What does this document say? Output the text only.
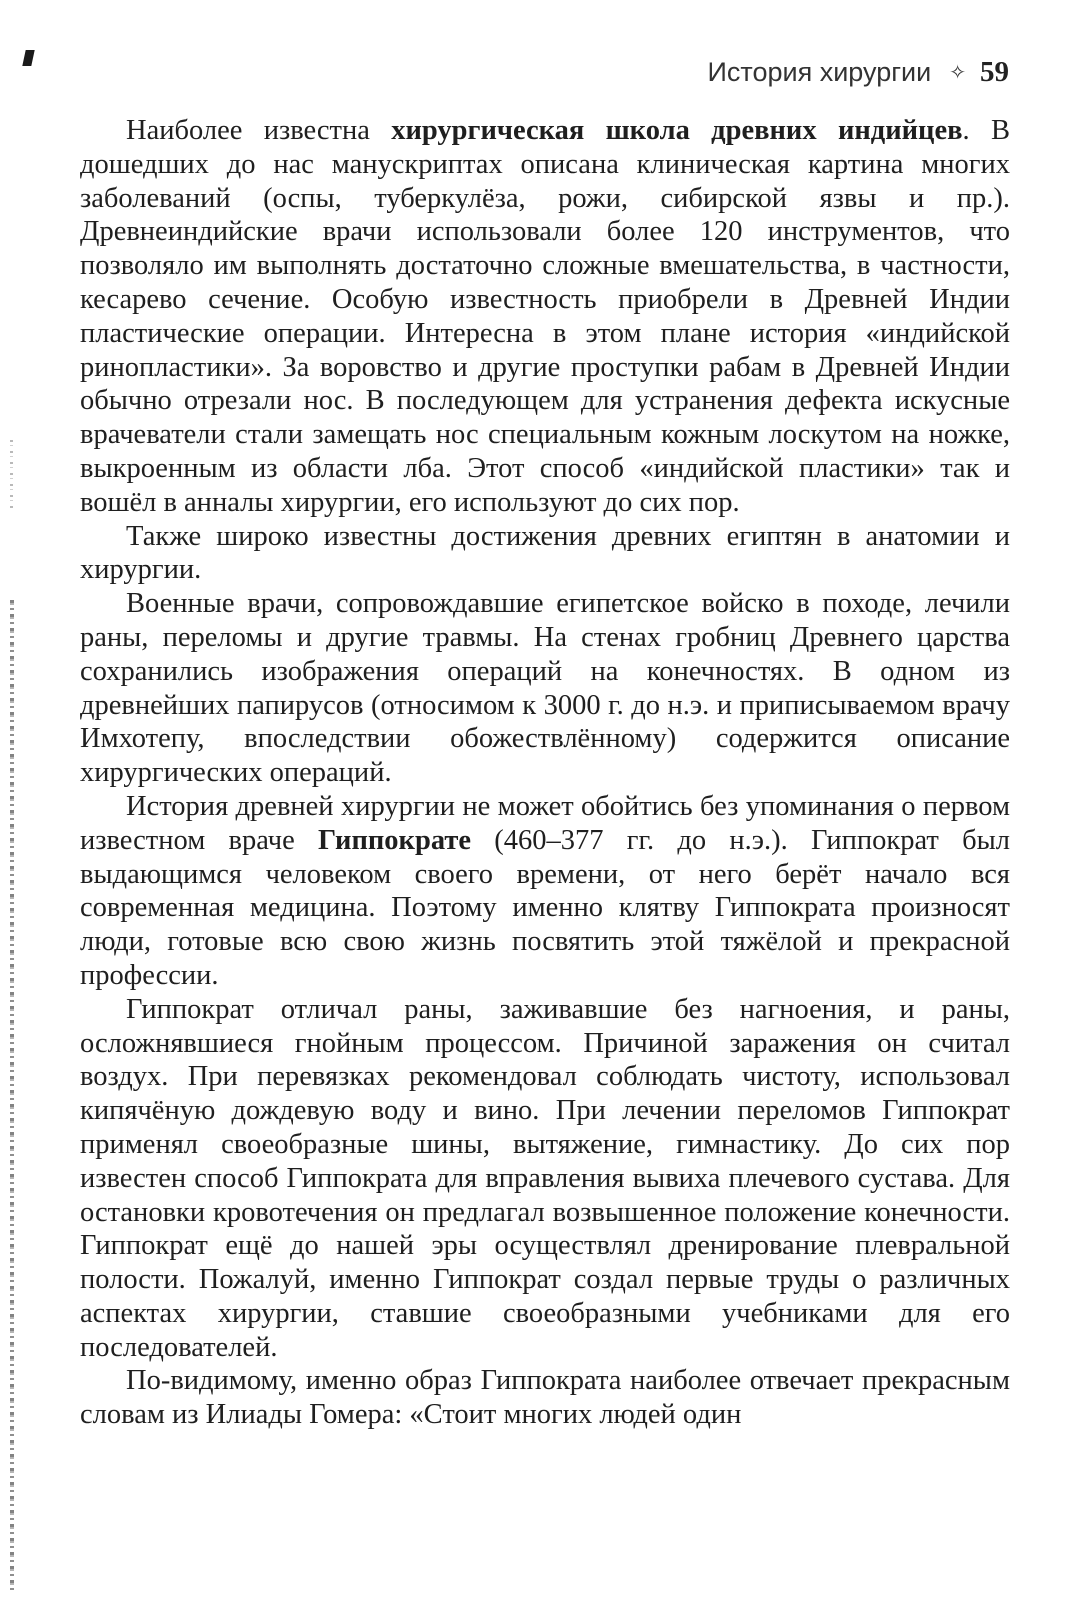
История хирургии ✧ 59

Наиболее известна хирургическая школа древних индийцев. В дошедших до нас манускриптах описана клиническая картина многих заболеваний (оспы, туберкулёза, рожи, сибирской язвы и пр.). Древнеиндийские врачи использовали более 120 инструментов, что позволяло им выполнять достаточно сложные вмешательства, в частности, кесарево сечение. Особую известность приобрели в Древней Индии пластические операции. Интересна в этом плане история «индийской ринопластики». За воровство и другие проступки рабам в Древней Индии обычно отрезали нос. В последующем для устранения дефекта искусные врачеватели стали замещать нос специальным кожным лоскутом на ножке, выкроенным из области лба. Этот способ «индийской пластики» так и вошёл в анналы хирургии, его используют до сих пор.

Также широко известны достижения древних египтян в анатомии и хирургии.

Военные врачи, сопровождавшие египетское войско в походе, лечили раны, переломы и другие травмы. На стенах гробниц Древнего царства сохранились изображения операций на конечностях. В одном из древнейших папирусов (относимом к 3000 г. до н.э. и приписываемом врачу Имхотепу, впоследствии обожествлённому) содержится описание хирургических операций.

История древней хирургии не может обойтись без упоминания о первом известном враче Гиппократе (460–377 гг. до н.э.). Гиппократ был выдающимся человеком своего времени, от него берёт начало вся современная медицина. Поэтому именно клятву Гиппократа произносят люди, готовые всю свою жизнь посвятить этой тяжёлой и прекрасной профессии.

Гиппократ отличал раны, заживавшие без нагноения, и раны, осложнявшиеся гнойным процессом. Причиной заражения он считал воздух. При перевязках рекомендовал соблюдать чистоту, использовал кипячёную дождевую воду и вино. При лечении переломов Гиппократ применял своеобразные шины, вытяжение, гимнастику. До сих пор известен способ Гиппократа для вправления вывиха плечевого сустава. Для остановки кровотечения он предлагал возвышенное положение конечности. Гиппократ ещё до нашей эры осуществлял дренирование плевральной полости. Пожалуй, именно Гиппократ создал первые труды о различных аспектах хирургии, ставшие своеобразными учебниками для его последователей.

По-видимому, именно образ Гиппократа наиболее отвечает прекрасным словам из Илиады Гомера: «Стоит многих людей один
